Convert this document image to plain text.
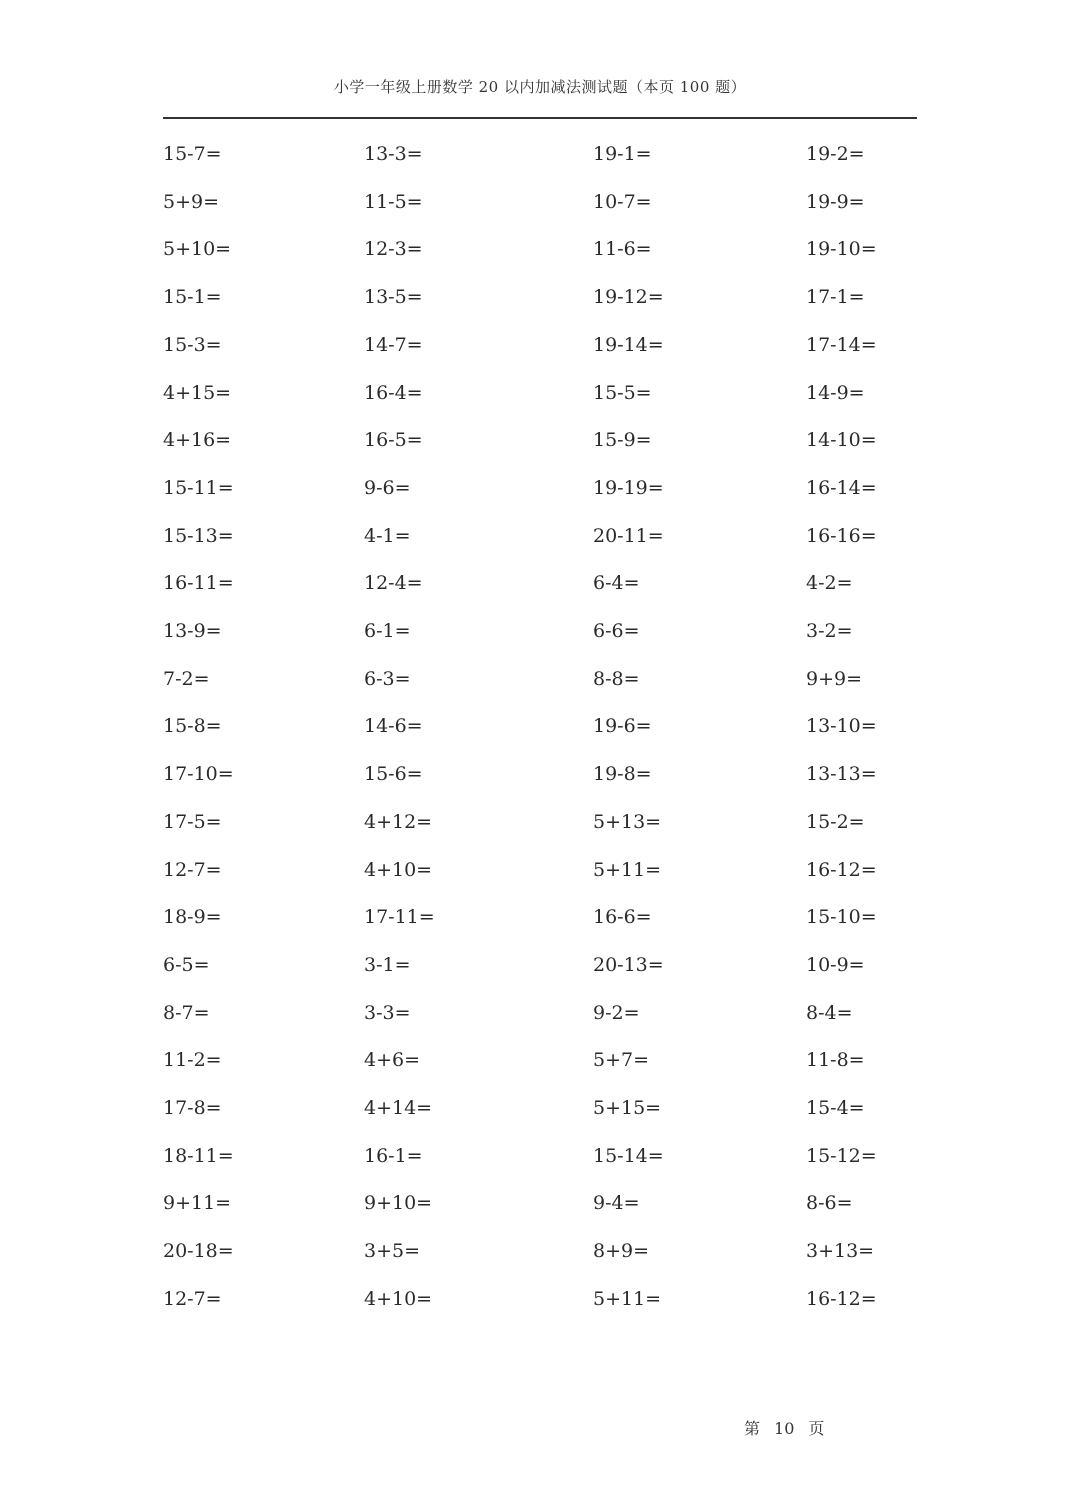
小学一年级上册数学 20 以内加减法测试题（本页 100 题）
15-7=
5+9=
5+10=
15-1=
15-3=
4+15=
4+16=
15-11=
15-13=
16-11=
13-9=
7-2=
15-8=
17-10=
17-5=
12-7=
18-9=
6-5=
8-7=
11-2=
17-8=
18-11=
9+11=
20-18=
12-7=
13-3=
11-5=
12-3=
13-5=
14-7=
16-4=
16-5=
9-6=
4-1=
12-4=
6-1=
6-3=
14-6=
15-6=
4+12=
4+10=
17-11=
3-1=
3-3=
4+6=
4+14=
16-1=
9+10=
3+5=
4+10=
19-1=
10-7=
11-6=
19-12=
19-14=
15-5=
15-9=
19-19=
20-11=
6-4=
6-6=
8-8=
19-6=
19-8=
5+13=
5+11=
16-6=
20-13=
9-2=
5+7=
5+15=
15-14=
9-4=
8+9=
5+11=
19-2=
19-9=
19-10=
17-1=
17-14=
14-9=
14-10=
16-14=
16-16=
4-2=
3-2=
9+9=
13-10=
13-13=
15-2=
16-12=
15-10=
10-9=
8-4=
11-8=
15-4=
15-12=
8-6=
3+13=
16-12=
第 10 页
